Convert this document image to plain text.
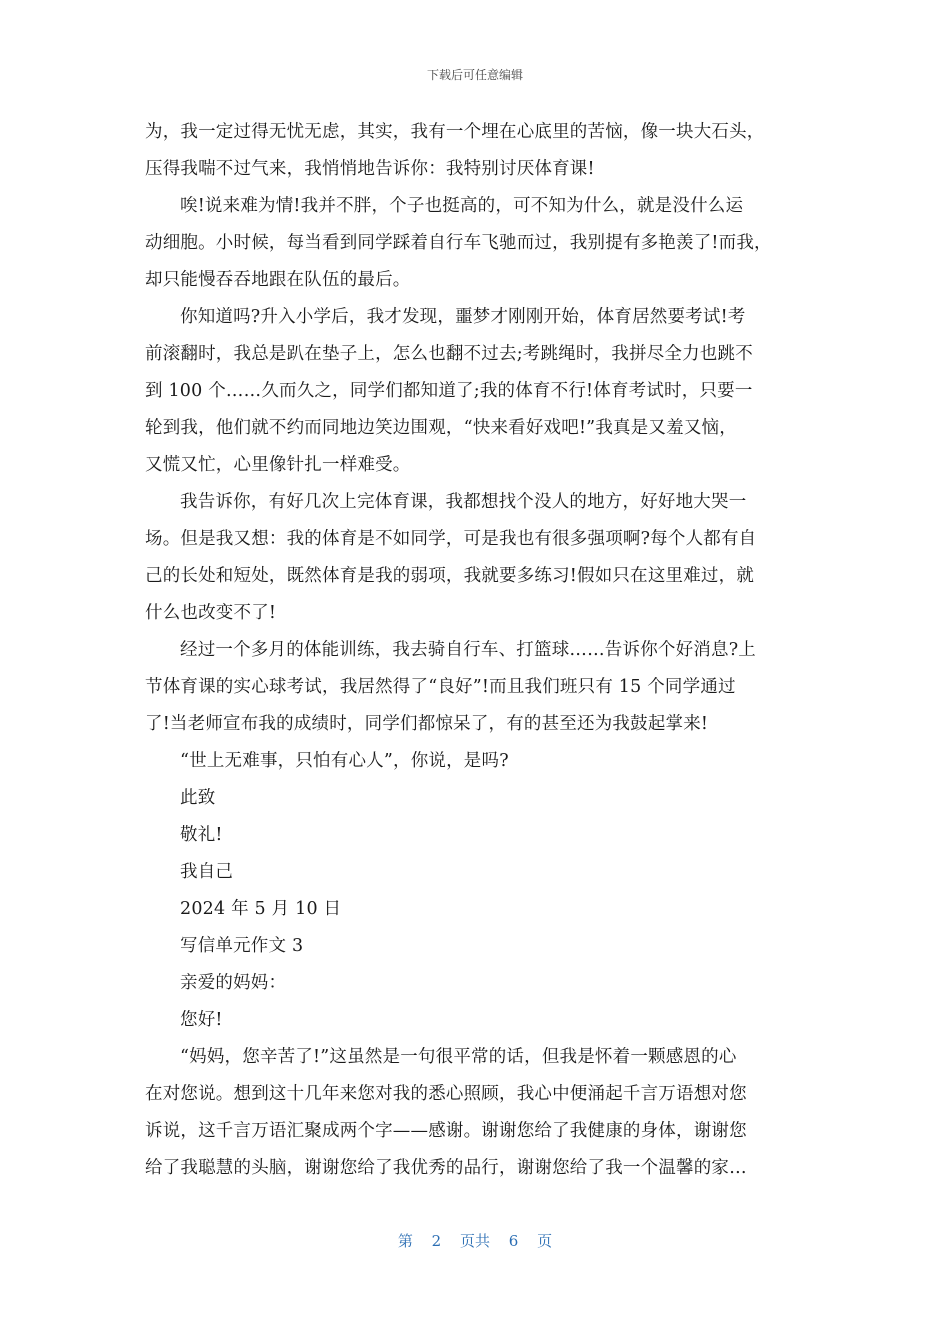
下载后可任意编辑
为，我一定过得无忧无虑，其实，我有一个埋在心底里的苦恼，像一块大石头，
压得我喘不过气来，我悄悄地告诉你：我特别讨厌体育课!
唉!说来难为情!我并不胖，个子也挺高的，可不知为什么，就是没什么运
动细胞。小时候，每当看到同学踩着自行车飞驰而过，我别提有多艳羡了!而我，
却只能慢吞吞地跟在队伍的最后。
你知道吗?升入小学后，我才发现，噩梦才刚刚开始，体育居然要考试!考
前滚翻时，我总是趴在垫子上，怎么也翻不过去;考跳绳时，我拼尽全力也跳不
到 100 个……久而久之，同学们都知道了;我的体育不行!体育考试时，只要一
轮到我，他们就不约而同地边笑边围观，“快来看好戏吧!”我真是又羞又恼，
又慌又忙，心里像针扎一样难受。
我告诉你，有好几次上完体育课，我都想找个没人的地方，好好地大哭一
场。但是我又想：我的体育是不如同学，可是我也有很多强项啊?每个人都有自
己的长处和短处，既然体育是我的弱项，我就要多练习!假如只在这里难过，就
什么也改变不了!
经过一个多月的体能训练，我去骑自行车、打篮球……告诉你个好消息?上
节体育课的实心球考试，我居然得了“良好”!而且我们班只有 15 个同学通过
了!当老师宣布我的成绩时，同学们都惊呆了，有的甚至还为我鼓起掌来!
“世上无难事，只怕有心人”，你说，是吗?
此致
敬礼!
我自己
2024 年 5 月 10 日
写信单元作文 3
亲爱的妈妈：
您好!
“妈妈，您辛苦了!”这虽然是一句很平常的话，但我是怀着一颗感恩的心
在对您说。想到这十几年来您对我的悉心照顾，我心中便涌起千言万语想对您
诉说，这千言万语汇聚成两个字——感谢。谢谢您给了我健康的身体，谢谢您
给了我聪慧的头脑，谢谢您给了我优秀的品行，谢谢您给了我一个温馨的家…
第 2 页共 6 页
